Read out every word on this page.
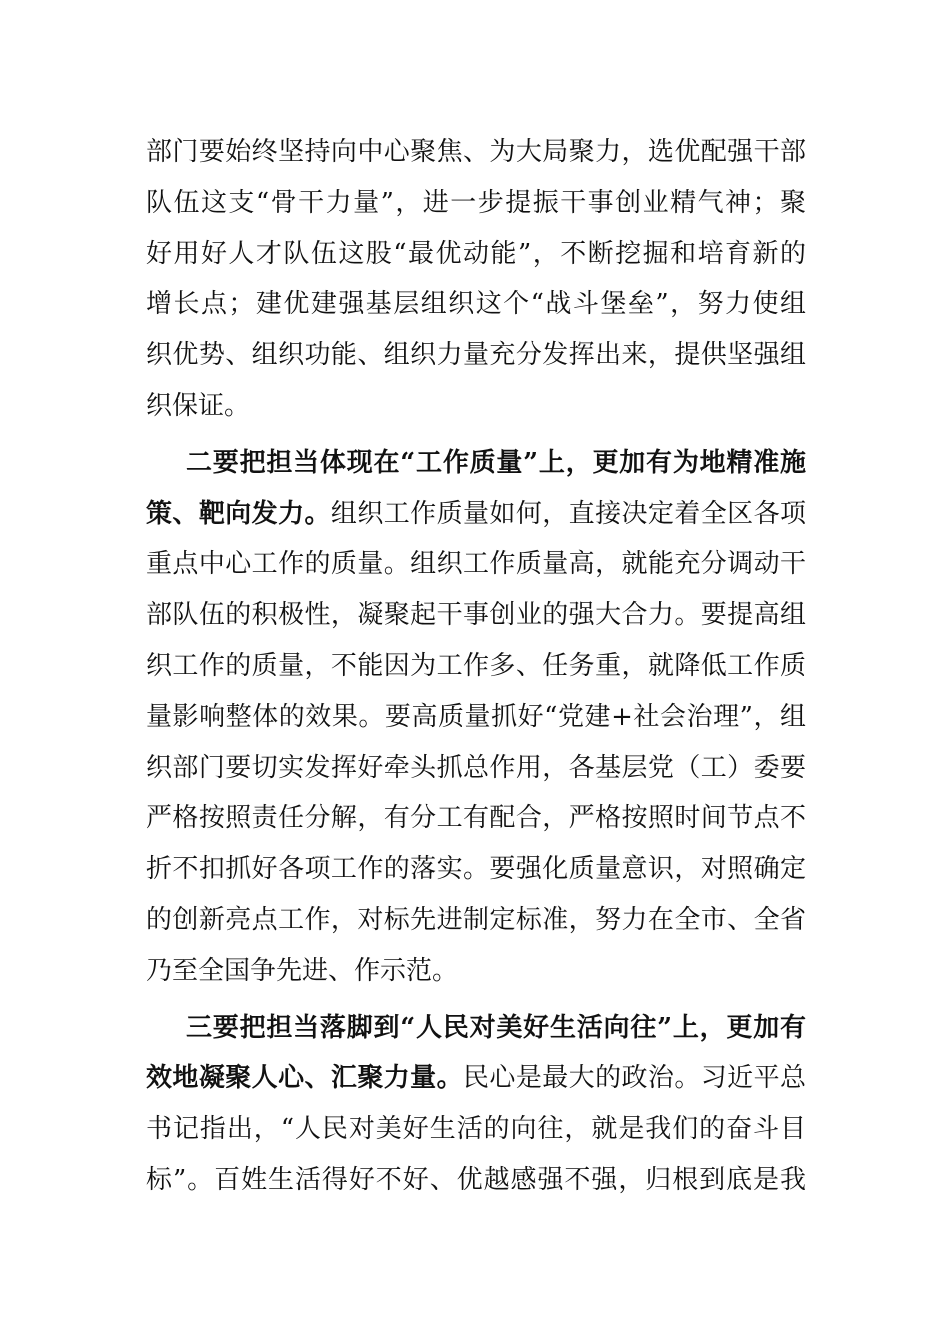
部门要始终坚持向中心聚焦、为大局聚力，选优配强干部
队伍这支“骨干力量”，进一步提振干事创业精气神；聚
好用好人才队伍这股“最优动能”，不断挖掘和培育新的
增长点；建优建强基层组织这个“战斗堡垒”，努力使组
织优势、组织功能、组织力量充分发挥出来，提供坚强组
织保证。
二要把担当体现在“工作质量”上，更加有为地精准施
策、靶向发力。组织工作质量如何，直接决定着全区各项
重点中心工作的质量。组织工作质量高，就能充分调动干
部队伍的积极性，凝聚起干事创业的强大合力。要提高组
织工作的质量，不能因为工作多、任务重，就降低工作质
量影响整体的效果。要高质量抓好“党建+社会治理”，组
织部门要切实发挥好牵头抓总作用，各基层党（工）委要
严格按照责任分解，有分工有配合，严格按照时间节点不
折不扣抓好各项工作的落实。要强化质量意识，对照确定
的创新亮点工作，对标先进制定标准，努力在全市、全省
乃至全国争先进、作示范。
三要把担当落脚到“人民对美好生活向往”上，更加有
效地凝聚人心、汇聚力量。民心是最大的政治。习近平总
书记指出，“人民对美好生活的向往，就是我们的奋斗目
标”。百姓生活得好不好、优越感强不强，归根到底是我
